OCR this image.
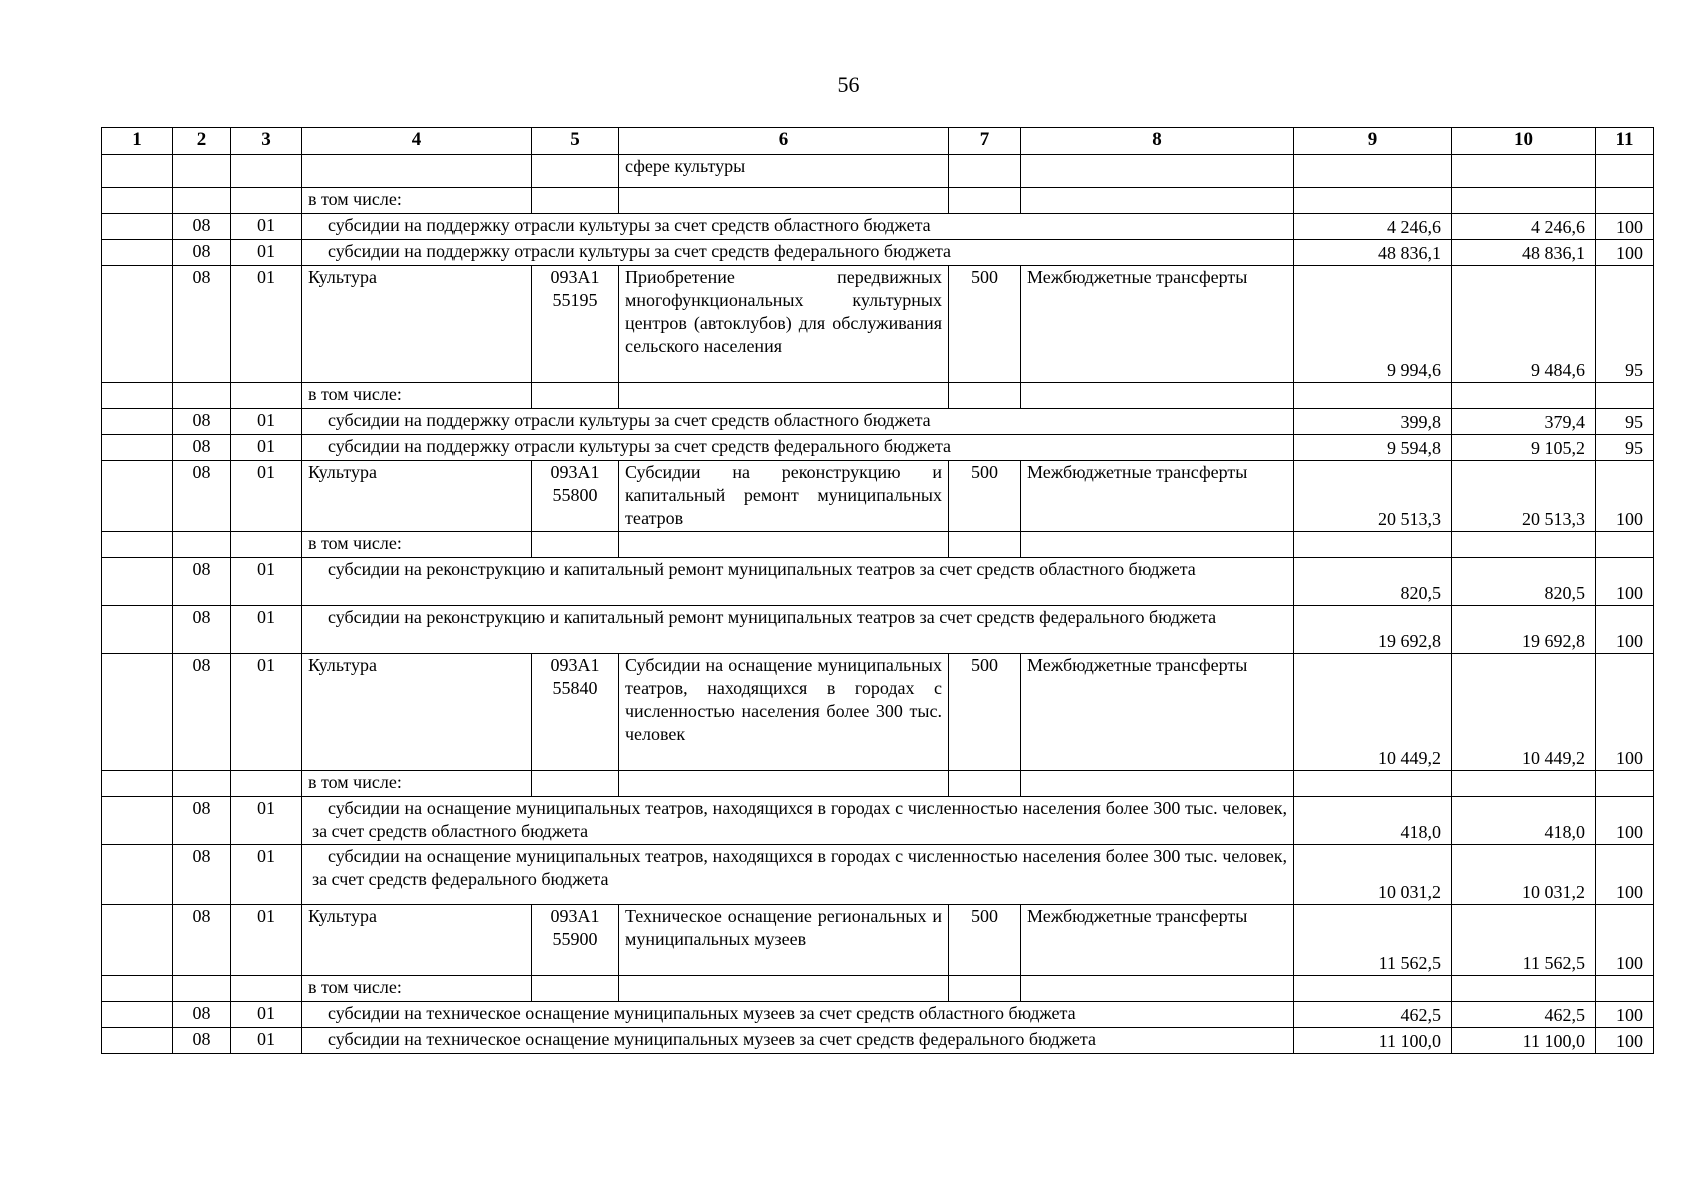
56
1	2	3	4	5	6	7	8	9	10	11
					сфере культуры					
			в том числе:							
	08	01	субсидии на поддержку отрасли культуры за счет средств областного бюджета					4 246,6	4 246,6	100
	08	01	субсидии на поддержку отрасли культуры за счет средств федерального бюджета					48 836,1	48 836,1	100
	08	01	Культура	093А1 55195	Приобретение передвижных многофункциональных культурных центров (автоклубов) для обслуживания сельского населения	500	Межбюджетные трансферты	9 994,6	9 484,6	95
			в том числе:							
	08	01	субсидии на поддержку отрасли культуры за счет средств областного бюджета					399,8	379,4	95
	08	01	субсидии на поддержку отрасли культуры за счет средств федерального бюджета					9 594,8	9 105,2	95
	08	01	Культура	093А1 55800	Субсидии на реконструкцию и капитальный ремонт муниципальных театров	500	Межбюджетные трансферты	20 513,3	20 513,3	100
			в том числе:							
	08	01	субсидии на реконструкцию и капитальный ремонт муниципальных театров за счет средств областного бюджета					820,5	820,5	100
	08	01	субсидии на реконструкцию и капитальный ремонт муниципальных театров за счет средств федерального бюджета					19 692,8	19 692,8	100
	08	01	Культура	093А1 55840	Субсидии на оснащение муниципальных театров, находящихся в городах с численностью населения более 300 тыс. человек	500	Межбюджетные трансферты	10 449,2	10 449,2	100
			в том числе:							
	08	01	субсидии на оснащение муниципальных театров, находящихся в городах с численностью населения более 300 тыс. человек, за счет средств областного бюджета					418,0	418,0	100
	08	01	субсидии на оснащение муниципальных театров, находящихся в городах с численностью населения более 300 тыс. человек, за счет средств федерального бюджета					10 031,2	10 031,2	100
	08	01	Культура	093А1 55900	Техническое оснащение региональных и муниципальных музеев	500	Межбюджетные трансферты	11 562,5	11 562,5	100
			в том числе:							
	08	01	субсидии на техническое оснащение муниципальных музеев за счет средств областного бюджета					462,5	462,5	100
	08	01	субсидии на техническое оснащение муниципальных музеев за счет средств федерального бюджета					11 100,0	11 100,0	100
